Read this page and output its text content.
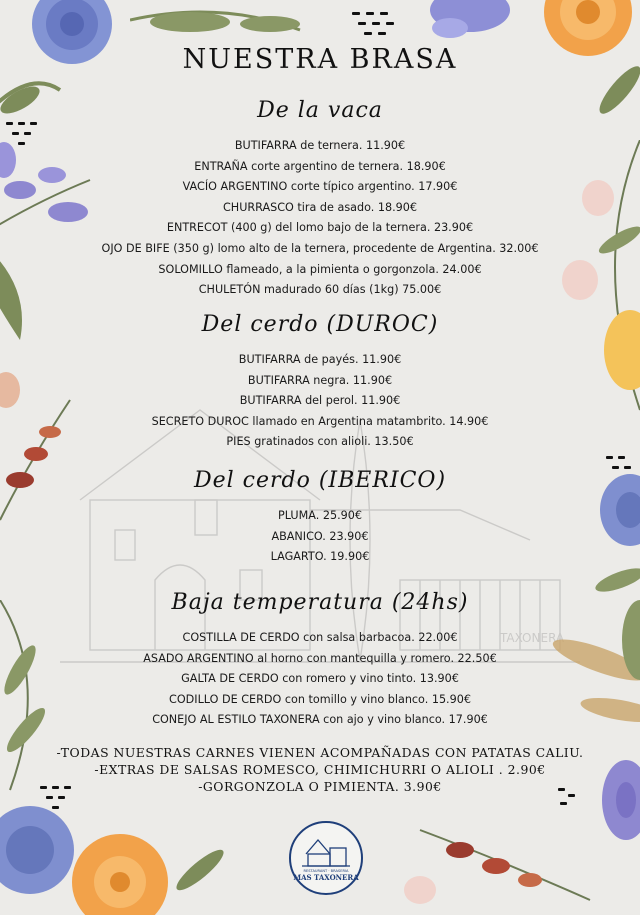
TAXONERA
NUESTRA BRASA
De la vaca
BUTIFARRA de ternera. 11.90€
ENTRAÑA corte argentino de ternera. 18.90€
VACÍO ARGENTINO corte típico argentino. 17.90€
CHURRASCO tira de asado. 18.90€
ENTRECOT (400 g) del lomo bajo de la ternera. 23.90€
OJO DE BIFE (350 g) lomo alto de la ternera, procedente de Argentina. 32.00€
SOLOMILLO flameado, a la pimienta o gorgonzola. 24.00€
CHULETÓN madurado 60 días (1kg) 75.00€
Del cerdo (DUROC)
BUTIFARRA de payés. 11.90€
BUTIFARRA negra. 11.90€
BUTIFARRA del perol. 11.90€
SECRETO DUROC llamado en Argentina matambrito. 14.90€
PIES gratinados con alioli. 13.50€
Del cerdo (IBERICO)
PLUMA. 25.90€
ABANICO. 23.90€
LAGARTO. 19.90€
Baja temperatura (24hs)
COSTILLA DE CERDO con salsa barbacoa. 22.00€
ASADO ARGENTINO al horno con mantequilla y romero. 22.50€
GALTA DE CERDO con romero y vino tinto. 13.90€
CODILLO DE CERDO con tomillo y vino blanco. 15.90€
CONEJO AL ESTILO TAXONERA con ajo y vino blanco. 17.90€
-TODAS NUESTRAS CARNES VIENEN ACOMPAÑADAS CON PATATAS CALIU.
-EXTRAS DE SALSAS ROMESCO, CHIMICHURRI O ALIOLI . 2.90€
-GORGONZOLA O PIMIENTA. 3.90€
RESTAURANT · BRASERIA
MAS TAXONERA
